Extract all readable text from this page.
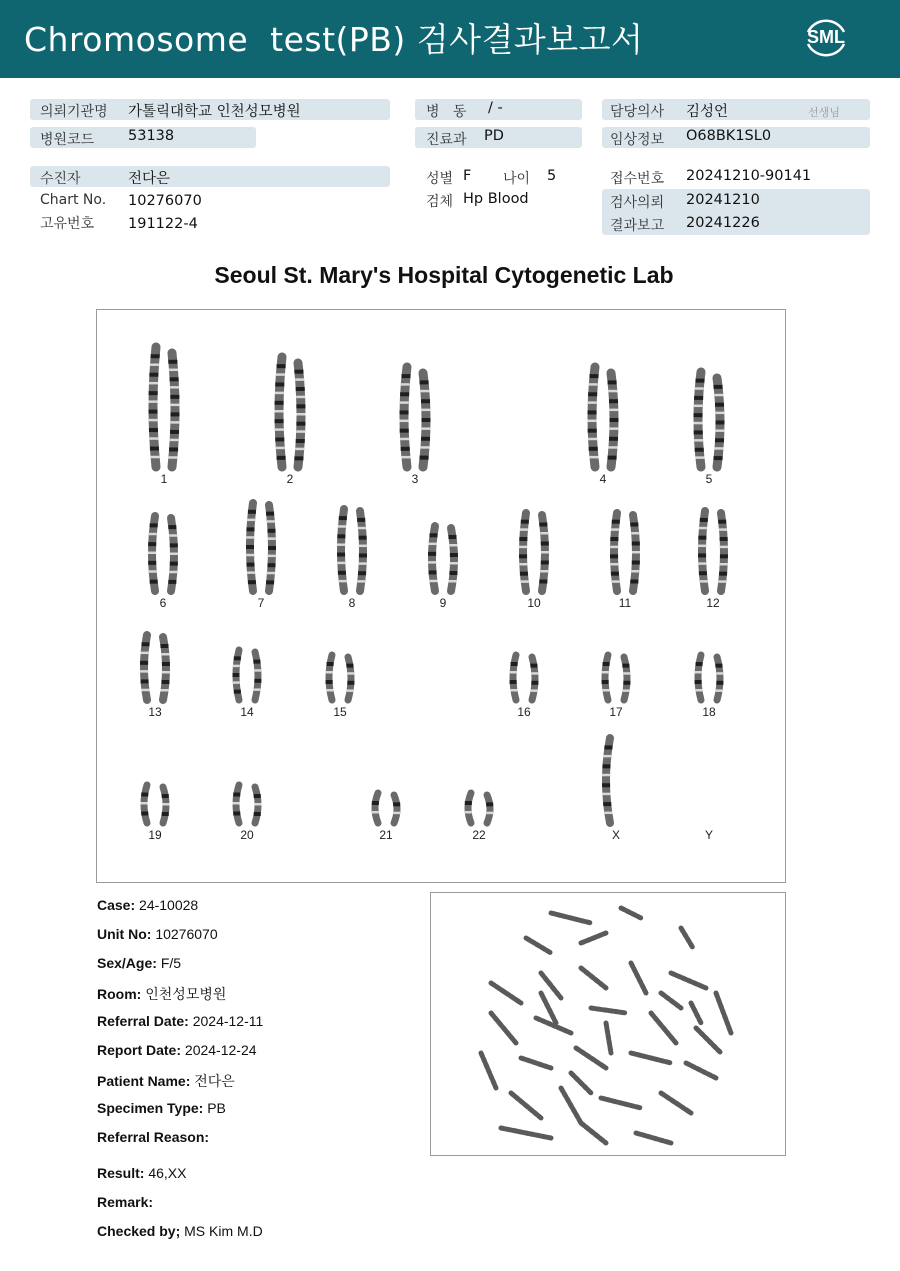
Chromosome  test(PB) 검사결과보고서	SML
의뢰기관명 가톨릭대학교 인천성모병원
병원코드 53138
병   동 / -
진료과 PD
담당의사 김성언	선생님
임상정보 O68BK1SL0
수진자	전다은
Chart No. 10276070
고유번호 191122-4
성별 F 나이 5
검체 Hp Blood
접수번호 20241210-90141
검사의뢰 20241210
결과보고 20241226
Seoul St. Mary's Hospital Cytogenetic Lab
1	2	3	4	5
6	7	8	9	10	11	12
13	14	15	16	17	18
19	20	21	22	X	Y
Case: 24-10028
Unit No: 10276070
Sex/Age: F/5
Room: 인천성모병원
Referral Date: 2024-12-11
Report Date: 2024-12-24
Patient Name: 전다은
Specimen Type: PB
Referral Reason:
Result: 46,XX
Remark:
Checked by; MS Kim M.D
